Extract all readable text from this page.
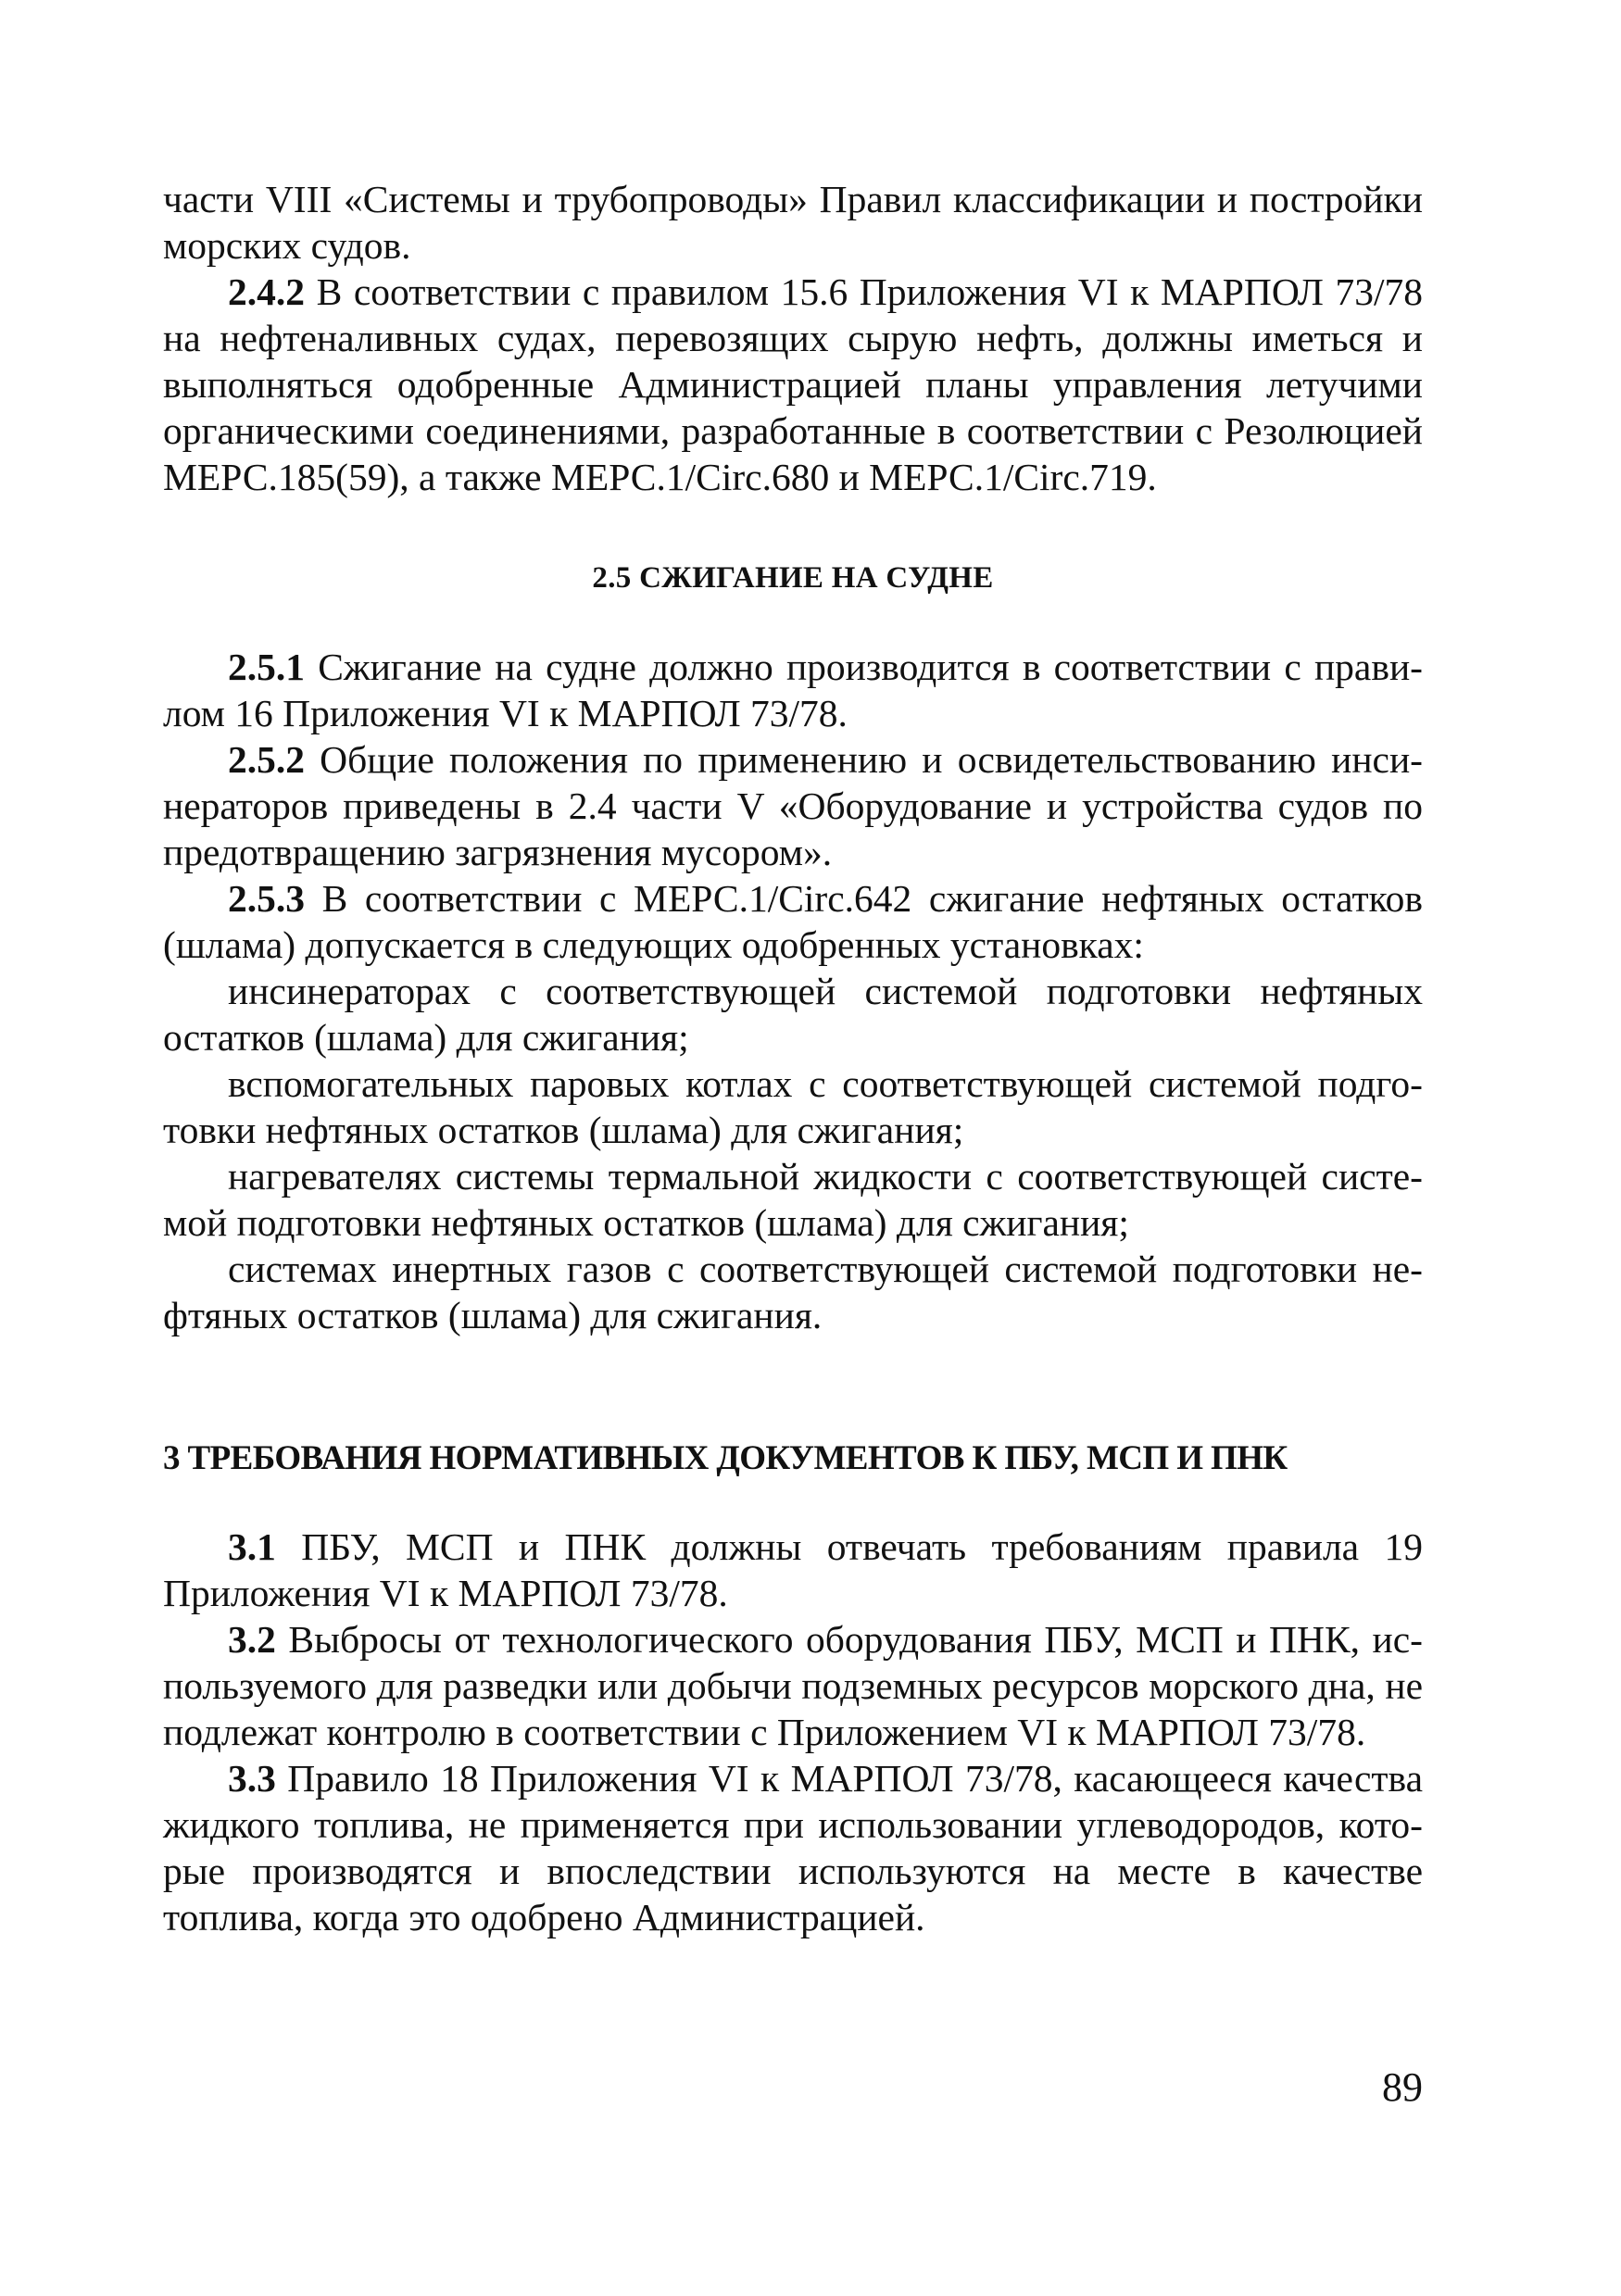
части VIII «Системы и трубопроводы» Правил классификации и постройки морских судов.

2.4.2 В соответствии с правилом 15.6 Приложения VI к МАРПОЛ 73/78 на нефтеналивных судах, перевозящих сырую нефть, должны иметься и выполняться одобренные Администрацией планы управления летучими органическими соединениями, разработанные в соответствии с Резолюцией МЕРС.185(59), а также МЕРС.1/Circ.680 и МЕРС.1/Circ.719.

2.5 СЖИГАНИЕ НА СУДНЕ

2.5.1 Сжигание на судне должно производится в соответствии с правилом 16 Приложения VI к МАРПОЛ 73/78.

2.5.2 Общие положения по применению и освидетельствованию инсинераторов приведены в 2.4 части V «Оборудование и устройства судов по предотвращению загрязнения мусором».

2.5.3 В соответствии с МЕРС.1/Circ.642 сжигание нефтяных остатков (шлама) допускается в следующих одобренных установках:

инсинераторах с соответствующей системой подготовки нефтяных остатков (шлама) для сжигания;

вспомогательных паровых котлах с соответствующей системой подготовки нефтяных остатков (шлама) для сжигания;

нагревателях системы термальной жидкости с соответствующей системой подготовки нефтяных остатков (шлама) для сжигания;

системах инертных газов с соответствующей системой подготовки нефтяных остатков (шлама) для сжигания.

3 ТРЕБОВАНИЯ НОРМАТИВНЫХ ДОКУМЕНТОВ К ПБУ, МСП И ПНК

3.1 ПБУ, МСП и ПНК должны отвечать требованиям правила 19 Приложения VI к МАРПОЛ 73/78.

3.2 Выбросы от технологического оборудования ПБУ, МСП и ПНК, используемого для разведки или добычи подземных ресурсов морского дна, не подлежат контролю в соответствии с Приложением VI к МАРПОЛ 73/78.

3.3 Правило 18 Приложения VI к МАРПОЛ 73/78, касающееся качества жидкого топлива, не применяется при использовании углеводородов, которые производятся и впоследствии используются на месте в качестве топлива, когда это одобрено Администрацией.

89
